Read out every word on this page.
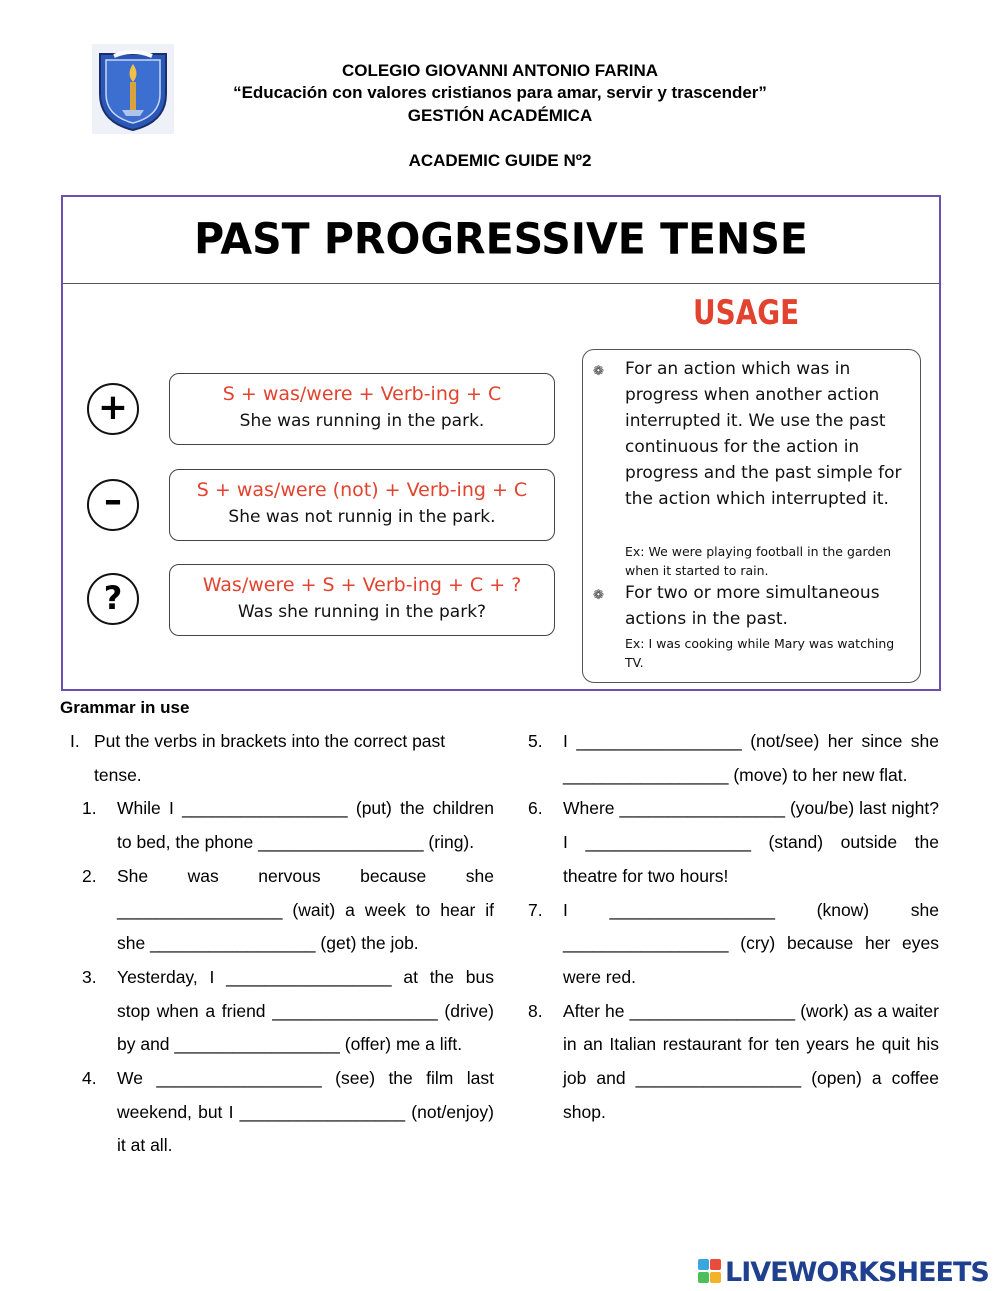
COLEGIO GIOVANNI ANTONIO FARINA
“Educación con valores cristianos para amar, servir y trascender”
GESTIÓN ACADÉMICA
ACADEMIC GUIDE Nº2
PAST PROGRESSIVE TENSE
USAGE
+
–
?
S + was/were + Verb-ing + C
She was running in the park.
S + was/were (not) + Verb-ing + C
She was not runnig in the park.
Was/were + S + Verb-ing + C + ?
Was she running in the park?
❁ For an action which was in progress when another action interrupted it. We use the past continuous for the action in progress and the past simple for the action which interrupted it.
Ex: We were playing football in the garden when it started to rain.
❁ For two or more simultaneous actions in the past.
Ex: I was cooking while Mary was watching TV.
Grammar in use
I. Put the verbs in brackets into the correct past tense.
1. While I _________________ (put) the children to bed, the phone _________________ (ring).
2. She was nervous because she _________________ (wait) a week to hear if she _________________ (get) the job.
3. Yesterday, I _________________ at the bus stop when a friend _________________ (drive) by and _________________ (offer) me a lift.
4. We _________________ (see) the film last weekend, but I _________________ (not/enjoy) it at all.
5. I _________________ (not/see) her since she _________________ (move) to her new flat.
6. Where _________________ (you/be) last night? I _________________ (stand) outside the theatre for two hours!
7. I _________________ (know) she _________________ (cry) because her eyes were red.
8. After he _________________ (work) as a waiter in an Italian restaurant for ten years he quit his job and _________________ (open) a coffee shop.
LIVEWORKSHEETS
